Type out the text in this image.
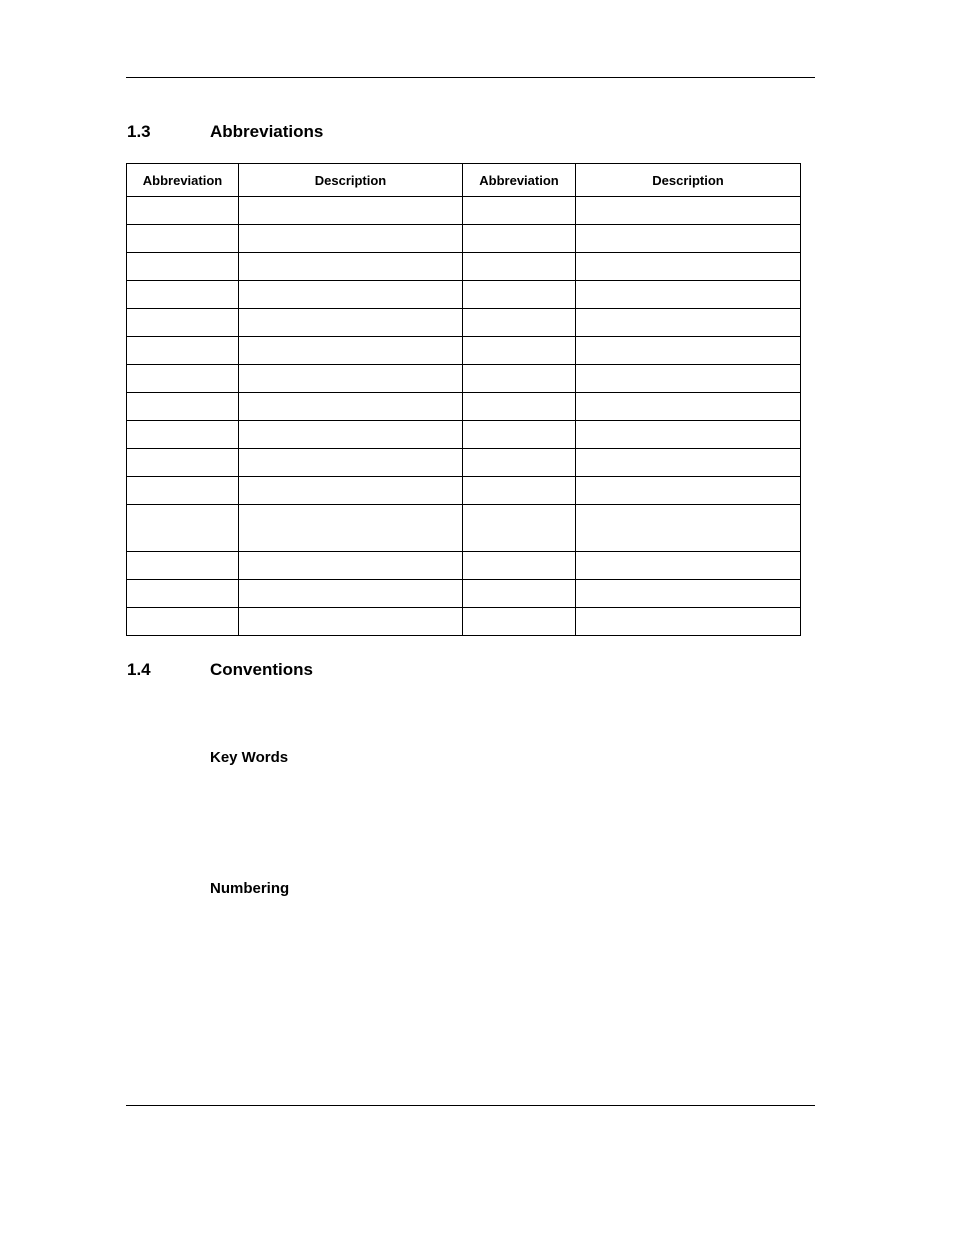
1.3	Abbreviations
Abbreviation	Description	Abbreviation	Description

1.4	Conventions
Key Words
Numbering
